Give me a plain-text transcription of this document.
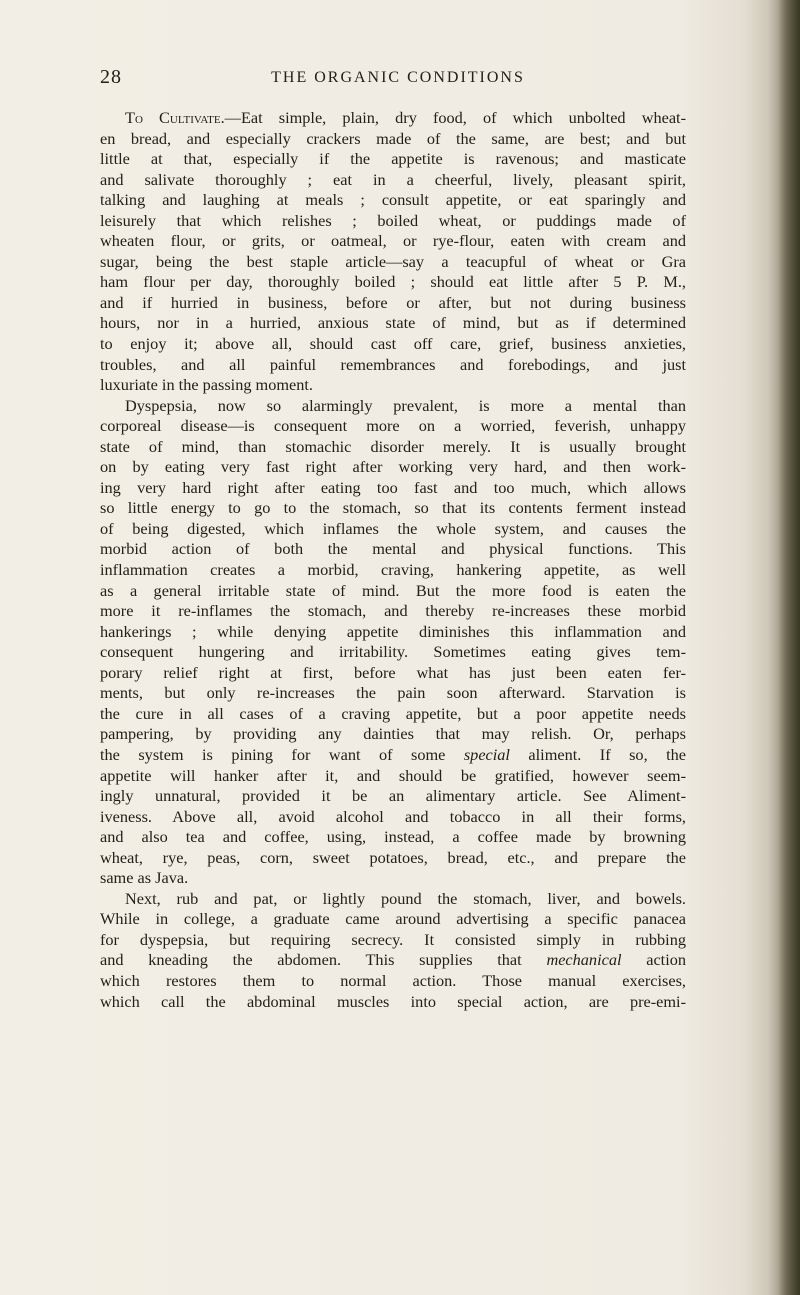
28	THE ORGANIC CONDITIONS
To Cultivate.—Eat simple, plain, dry food, of which unbolted wheat-
en bread, and especially crackers made of the same, are best; and but
little at that, especially if the appetite is ravenous; and masticate
and salivate thoroughly ; eat in a cheerful, lively, pleasant spirit,
talking and laughing at meals ; consult appetite, or eat sparingly and
leisurely that which relishes ; boiled wheat, or puddings made of
wheaten flour, or grits, or oatmeal, or rye-flour, eaten with cream and
sugar, being the best staple article—say a teacupful of wheat or Gra
ham flour per day, thoroughly boiled ; should eat little after 5 P. M.,
and if hurried in business, before or after, but not during business
hours, nor in a hurried, anxious state of mind, but as if determined
to enjoy it; above all, should cast off care, grief, business anxieties,
troubles, and all painful remembrances and forebodings, and just
luxuriate in the passing moment.
Dyspepsia, now so alarmingly prevalent, is more a mental than
corporeal disease—is consequent more on a worried, feverish, unhappy
state of mind, than stomachic disorder merely. It is usually brought
on by eating very fast right after working very hard, and then work-
ing very hard right after eating too fast and too much, which allows
so little energy to go to the stomach, so that its contents ferment instead
of being digested, which inflames the whole system, and causes the
morbid action of both the mental and physical functions. This
inflammation creates a morbid, craving, hankering appetite, as well
as a general irritable state of mind. But the more food is eaten the
more it re-inflames the stomach, and thereby re-increases these morbid
hankerings ; while denying appetite diminishes this inflammation and
consequent hungering and irritability. Sometimes eating gives tem-
porary relief right at first, before what has just been eaten fer-
ments, but only re-increases the pain soon afterward. Starvation is
the cure in all cases of a craving appetite, but a poor appetite needs
pampering, by providing any dainties that may relish. Or, perhaps
the system is pining for want of some special aliment. If so, the
appetite will hanker after it, and should be gratified, however seem-
ingly unnatural, provided it be an alimentary article. See Aliment-
iveness. Above all, avoid alcohol and tobacco in all their forms,
and also tea and coffee, using, instead, a coffee made by browning
wheat, rye, peas, corn, sweet potatoes, bread, etc., and prepare the
same as Java.
Next, rub and pat, or lightly pound the stomach, liver, and bowels.
While in college, a graduate came around advertising a specific panacea
for dyspepsia, but requiring secrecy. It consisted simply in rubbing
and kneading the abdomen. This supplies that mechanical action
which restores them to normal action. Those manual exercises,
which call the abdominal muscles into special action, are pre-emi-
